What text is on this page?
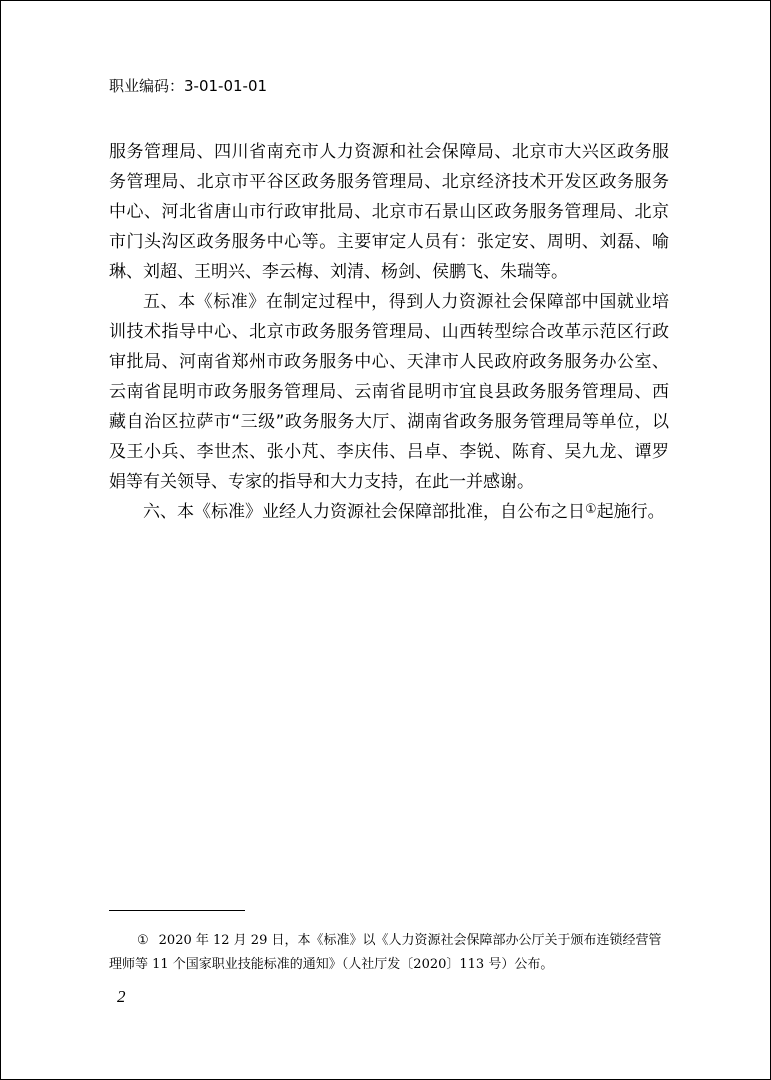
职业编码：3-01-01-01

服务管理局、四川省南充市人力资源和社会保障局、北京市大兴区政务服务管理局、北京市平谷区政务服务管理局、北京经济技术开发区政务服务中心、河北省唐山市行政审批局、北京市石景山区政务服务管理局、北京市门头沟区政务服务中心等。主要审定人员有：张定安、周明、刘磊、喻琳、刘超、王明兴、李云梅、刘清、杨剑、侯鹏飞、朱瑞等。

五、本《标准》在制定过程中，得到人力资源社会保障部中国就业培训技术指导中心、北京市政务服务管理局、山西转型综合改革示范区行政审批局、河南省郑州市政务服务中心、天津市人民政府政务服务办公室、云南省昆明市政务服务管理局、云南省昆明市宜良县政务服务管理局、西藏自治区拉萨市“三级”政务服务大厅、湖南省政务服务管理局等单位，以及王小兵、李世杰、张小芃、李庆伟、吕卓、李锐、陈育、吴九龙、谭罗娟等有关领导、专家的指导和大力支持，在此一并感谢。

六、本《标准》业经人力资源社会保障部批准，自公布之日①起施行。

① 2020 年 12 月 29 日，本《标准》以《人力资源社会保障部办公厅关于颁布连锁经营管理师等 11 个国家职业技能标准的通知》（人社厅发〔2020〕113 号）公布。
2
